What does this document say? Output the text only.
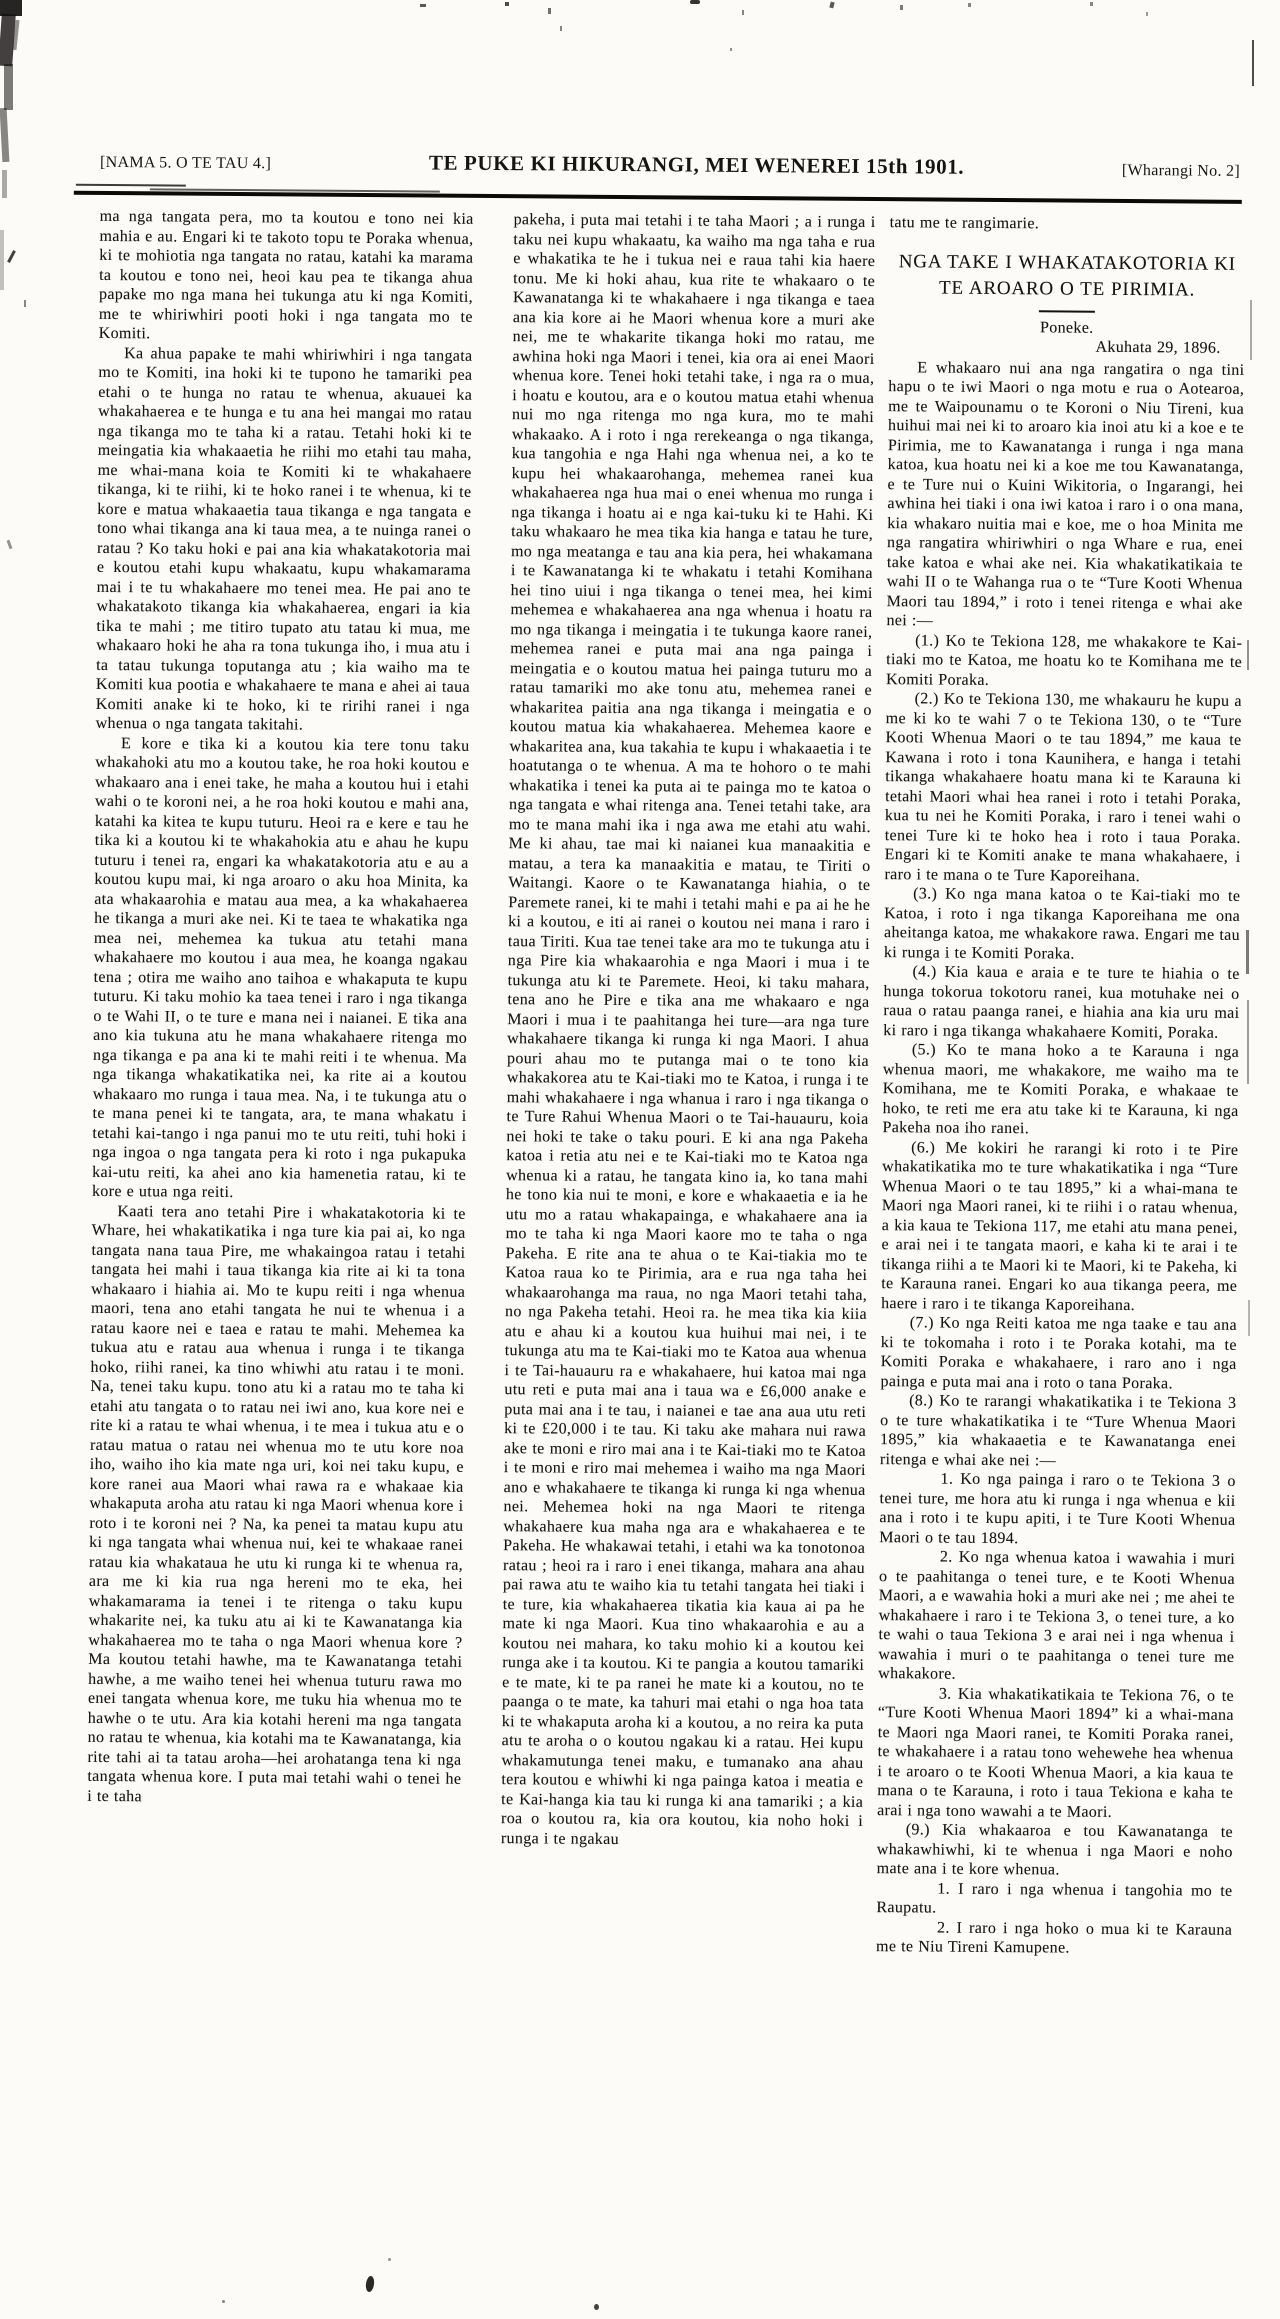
[NAMA 5. O TE TAU 4.]	TE PUKE KI HIKURANGI, MEI WENEREI 15th 1901.	[Wharangi No. 2]

ma nga tangata pera, mo ta koutou e tono nei kia mahia e au. Engari ki te takoto topu te Poraka whenua, ki te mohiotia nga tangata no ratau, katahi ka marama ta koutou e tono nei, heoi kau pea te tikanga ahua papake mo nga mana hei tukunga atu ki nga Komiti, me te whiriwhiri pooti hoki i nga tangata mo te Komiti.

Ka ahua papake te mahi whiriwhiri i nga tangata mo te Komiti, ina hoki ki te tupono he tamariki pea etahi o te hunga no ratau te whenua, akuauei ka whakahaerea e te hunga e tu ana hei mangai mo ratau nga tikanga mo te taha ki a ratau. Tetahi hoki ki te meingatia kia whakaaetia he riihi mo etahi tau maha, me whai-mana koia te Komiti ki te whakahaere tikanga, ki te riihi, ki te hoko ranei i te whenua, ki te kore e matua whakaaetia taua tikanga e nga tangata e tono whai tikanga ana ki taua mea, a te nuinga ranei o ratau ? Ko taku hoki e pai ana kia whakatakotoria mai e koutou etahi kupu whakaatu, kupu whakamarama mai i te tu whakahaere mo tenei mea. He pai ano te whakatakoto tikanga kia whakahaerea, engari ia kia tika te mahi ; me titiro tupato atu tatau ki mua, me whakaaro hoki he aha ra tona tukunga iho, i mua atu i ta tatau tukunga toputanga atu ; kia waiho ma te Komiti kua pootia e whakahaere te mana e ahei ai taua Komiti anake ki te hoko, ki te ririhi ranei i nga whenua o nga tangata takitahi.

E kore e tika ki a koutou kia tere tonu taku whakahoki atu mo a koutou take, he roa hoki koutou e whakaaro ana i enei take, he maha a koutou hui i etahi wahi o te koroni nei, a he roa hoki koutou e mahi ana, katahi ka kitea te kupu tuturu. Heoi ra e kere e tau he tika ki a koutou ki te whakahokia atu e ahau he kupu tuturu i tenei ra, engari ka whakatakotoria atu e au a koutou kupu mai, ki nga aroaro o aku hoa Minita, ka ata whakaarohia e matau aua mea, a ka whakahaerea he tikanga a muri ake nei. Ki te taea te whakatika nga mea nei, mehemea ka tukua atu tetahi mana whakahaere mo koutou i aua mea, he koanga ngakau tena ; otira me waiho ano taihoa e whakaputa te kupu tuturu. Ki taku mohio ka taea tenei i raro i nga tikanga o te Wahi II, o te ture e mana nei i naianei. E tika ana ano kia tukuna atu he mana whakahaere ritenga mo nga tikanga e pa ana ki te mahi reiti i te whenua. Ma nga tikanga whakatikatika nei, ka rite ai a koutou whakaaro mo runga i taua mea. Na, i te tukunga atu o te mana penei ki te tangata, ara, te mana whakatu i tetahi kai-tango i nga panui mo te utu reiti, tuhi hoki i nga ingoa o nga tangata pera ki roto i nga pukapuka kai-utu reiti, ka ahei ano kia hamenetia ratau, ki te kore e utua nga reiti.

Kaati tera ano tetahi Pire i whakatakotoria ki te Whare, hei whakatikatika i nga ture kia pai ai, ko nga tangata nana taua Pire, me whakaingoa ratau i tetahi tangata hei mahi i taua tikanga kia rite ai ki ta tona whakaaro i hiahia ai. Mo te kupu reiti i nga whenua maori, tena ano etahi tangata he nui te whenua i a ratau kaore nei e taea e ratau te mahi. Mehemea ka tukua atu e ratau aua whenua i runga i te tikanga hoko, riihi ranei, ka tino whiwhi atu ratau i te moni. Na, tenei taku kupu. tono atu ki a ratau mo te taha ki etahi atu tangata o to ratau nei iwi ano, kua kore nei e rite ki a ratau te whai whenua, i te mea i tukua atu e o ratau matua o ratau nei whenua mo te utu kore noa iho, waiho iho kia mate nga uri, koi nei taku kupu, e kore ranei aua Maori whai rawa ra e whakaae kia whakaputa aroha atu ratau ki nga Maori whenua kore i roto i te koroni nei ? Na, ka penei ta matau kupu atu ki nga tangata whai whenua nui, kei te whakaae ranei ratau kia whakataua he utu ki runga ki te whenua ra, ara me ki kia rua nga hereni mo te eka, hei whakamarama ia tenei i te ritenga o taku kupu whakarite nei, ka tuku atu ai ki te Kawanatanga kia whakahaerea mo te taha o nga Maori whenua kore ? Ma koutou tetahi hawhe, ma te Kawanatanga tetahi hawhe, a me waiho tenei hei whenua tuturu rawa mo enei tangata whenua kore, me tuku hia whenua mo te hawhe o te utu. Ara kia kotahi hereni ma nga tangata no ratau te whenua, kia kotahi ma te Kawanatanga, kia rite tahi ai ta tatau aroha—hei arohatanga tena ki nga tangata whenua kore. I puta mai tetahi wahi o tenei he i te taha

pakeha, i puta mai tetahi i te taha Maori ; a i runga i taku nei kupu whakaatu, ka waiho ma nga taha e rua e whakatika te he i tukua nei e raua tahi kia haere tonu. Me ki hoki ahau, kua rite te whakaaro o te Kawanatanga ki te whakahaere i nga tikanga e taea ana kia kore ai he Maori whenua kore a muri ake nei, me te whakarite tikanga hoki mo ratau, me awhina hoki nga Maori i tenei, kia ora ai enei Maori whenua kore. Tenei hoki tetahi take, i nga ra o mua, i hoatu e koutou, ara e o koutou matua etahi whenua nui mo nga ritenga mo nga kura, mo te mahi whakaako. A i roto i nga rerekeanga o nga tikanga, kua tangohia e nga Hahi nga whenua nei, a ko te kupu hei whakaarohanga, mehemea ranei kua whakahaerea nga hua mai o enei whenua mo runga i nga tikanga i hoatu ai e nga kai-tuku ki te Hahi. Ki taku whakaaro he mea tika kia hanga e tatau he ture, mo nga meatanga e tau ana kia pera, hei whakamana i te Kawanatanga ki te whakatu i tetahi Komihana hei tino uiui i nga tikanga o tenei mea, hei kimi mehemea e whakahaerea ana nga whenua i hoatu ra mo nga tikanga i meingatia i te tukunga kaore ranei, mehemea ranei e puta mai ana nga painga i meingatia e o koutou matua hei painga tuturu mo a ratau tamariki mo ake tonu atu, mehemea ranei e whakaritea paitia ana nga tikanga i meingatia e o koutou matua kia whakahaerea. Mehemea kaore e whakaritea ana, kua takahia te kupu i whakaaetia i te hoatutanga o te whenua. A ma te hohoro o te mahi whakatika i tenei ka puta ai te painga mo te katoa o nga tangata e whai ritenga ana. Tenei tetahi take, ara mo te mana mahi ika i nga awa me etahi atu wahi. Me ki ahau, tae mai ki naianei kua manaakitia e matau, a tera ka manaakitia e matau, te Tiriti o Waitangi. Kaore o te Kawanatanga hiahia, o te Paremete ranei, ki te mahi i tetahi mahi e pa ai he he ki a koutou, e iti ai ranei o koutou nei mana i raro i taua Tiriti. Kua tae tenei take ara mo te tukunga atu i nga Pire kia whakaarohia e nga Maori i mua i te tukunga atu ki te Paremete. Heoi, ki taku mahara, tena ano he Pire e tika ana me whakaaro e nga Maori i mua i te paahitanga hei ture—ara nga ture whakahaere tikanga ki runga ki nga Maori. I ahua pouri ahau mo te putanga mai o te tono kia whakakorea atu te Kai-tiaki mo te Katoa, i runga i te mahi whakahaere i nga whanua i raro i nga tikanga o te Ture Rahui Whenua Maori o te Tai-hauauru, koia nei hoki te take o taku pouri. E ki ana nga Pakeha katoa i retia atu nei e te Kai-tiaki mo te Katoa nga whenua ki a ratau, he tangata kino ia, ko tana mahi he tono kia nui te moni, e kore e whakaaetia e ia he utu mo a ratau whakapainga, e whakahaere ana ia mo te taha ki nga Maori kaore mo te taha o nga Pakeha. E rite ana te ahua o te Kai-tiakia mo te Katoa raua ko te Pirimia, ara e rua nga taha hei whakaarohanga ma raua, no nga Maori tetahi taha, no nga Pakeha tetahi. Heoi ra. he mea tika kia kiia atu e ahau ki a koutou kua huihui mai nei, i te tukunga atu ma te Kai-tiaki mo te Katoa aua whenua i te Tai-hauauru ra e whakahaere, hui katoa mai nga utu reti e puta mai ana i taua wa e £6,000 anake e puta mai ana i te tau, i naianei e tae ana aua utu reti ki te £20,000 i te tau. Ki taku ake mahara nui rawa ake te moni e riro mai ana i te Kai-tiaki mo te Katoa i te moni e riro mai mehemea i waiho ma nga Maori ano e whakahaere te tikanga ki runga ki nga whenua nei. Mehemea hoki na nga Maori te ritenga whakahaere kua maha nga ara e whakahaerea e te Pakeha. He whakawai tetahi, i etahi wa ka tonotonoa ratau ; heoi ra i raro i enei tikanga, mahara ana ahau pai rawa atu te waiho kia tu tetahi tangata hei tiaki i te ture, kia whakahaerea tikatia kia kaua ai pa he mate ki nga Maori. Kua tino whakaarohia e au a koutou nei mahara, ko taku mohio ki a koutou kei runga ake i ta koutou. Ki te pangia a koutou tamariki e te mate, ki te pa ranei he mate ki a koutou, no te paanga o te mate, ka tahuri mai etahi o nga hoa tata ki te whakaputa aroha ki a koutou, a no reira ka puta atu te aroha o o koutou ngakau ki a ratau. Hei kupu whakamutunga tenei maku, e tumanako ana ahau tera koutou e whiwhi ki nga painga katoa i meatia e te Kai-hanga kia tau ki runga ki ana tamariki ; a kia roa o koutou ra, kia ora koutou, kia noho hoki i runga i te ngakau

tatu me te rangimarie.

NGA TAKE I WHAKATAKOTORIA KI TE AROARO O TE PIRIMIA.

Poneke.

Akuhata 29, 1896.

E whakaaro nui ana nga rangatira o nga tini hapu o te iwi Maori o nga motu e rua o Aotearoa, me te Waipounamu o te Koroni o Niu Tireni, kua huihui mai nei ki to aroaro kia inoi atu ki a koe e te Pirimia, me to Kawanatanga i runga i nga mana katoa, kua hoatu nei ki a koe me tou Kawanatanga, e te Ture nui o Kuini Wikitoria, o Ingarangi, hei awhina hei tiaki i ona iwi katoa i raro i o ona mana, kia whakaro nuitia mai e koe, me o hoa Minita me nga rangatira whiriwhiri o nga Whare e rua, enei take katoa e whai ake nei. Kia whakatikatikaia te wahi II o te Wahanga rua o te “Ture Kooti Whenua Maori tau 1894,” i roto i tenei ritenga e whai ake nei :—

(1.) Ko te Tekiona 128, me whakakore te Kai-tiaki mo te Katoa, me hoatu ko te Komihana me te Komiti Poraka.

(2.) Ko te Tekiona 130, me whakauru he kupu a me ki ko te wahi 7 o te Tekiona 130, o te “Ture Kooti Whenua Maori o te tau 1894,” me kaua te Kawana i roto i tona Kaunihera, e hanga i tetahi tikanga whakahaere hoatu mana ki te Karauna ki tetahi Maori whai hea ranei i roto i tetahi Poraka, kua tu nei he Komiti Poraka, i raro i tenei wahi o tenei Ture ki te hoko hea i roto i taua Poraka. Engari ki te Komiti anake te mana whakahaere, i raro i te mana o te Ture Kaporeihana.

(3.) Ko nga mana katoa o te Kai-tiaki mo te Katoa, i roto i nga tikanga Kaporeihana me ona aheitanga katoa, me whakakore rawa. Engari me tau ki runga i te Komiti Poraka.

(4.) Kia kaua e araia e te ture te hiahia o te hunga tokorua tokotoru ranei, kua motuhake nei o raua o ratau paanga ranei, e hiahia ana kia uru mai ki raro i nga tikanga whakahaere Komiti, Poraka.

(5.) Ko te mana hoko a te Karauna i nga whenua maori, me whakakore, me waiho ma te Komihana, me te Komiti Poraka, e whakaae te hoko, te reti me era atu take ki te Karauna, ki nga Pakeha noa iho ranei.

(6.) Me kokiri he rarangi ki roto i te Pire whakatikatika mo te ture whakatikatika i nga “Ture Whenua Maori o te tau 1895,” ki a whai-mana te Maori nga Maori ranei, ki te riihi i o ratau whenua, a kia kaua te Tekiona 117, me etahi atu mana penei, e arai nei i te tangata maori, e kaha ki te arai i te tikanga riihi a te Maori ki te Maori, ki te Pakeha, ki te Karauna ranei. Engari ko aua tikanga peera, me haere i raro i te tikanga Kaporeihana.

(7.) Ko nga Reiti katoa me nga taake e tau ana ki te tokomaha i roto i te Poraka kotahi, ma te Komiti Poraka e whakahaere, i raro ano i nga painga e puta mai ana i roto o tana Poraka.

(8.) Ko te rarangi whakatikatika i te Tekiona 3 o te ture whakatikatika i te “Ture Whenua Maori 1895,” kia whakaaetia e te Kawanatanga enei ritenga e whai ake nei :—

1. Ko nga painga i raro o te Tekiona 3 o tenei ture, me hora atu ki runga i nga whenua e kii ana i roto i te kupu apiti, i te Ture Kooti Whenua Maori o te tau 1894.

2. Ko nga whenua katoa i wawahia i muri o te paahitanga o tenei ture, e te Kooti Whenua Maori, a e wawahia hoki a muri ake nei ; me ahei te whakahaere i raro i te Tekiona 3, o tenei ture, a ko te wahi o taua Tekiona 3 e arai nei i nga whenua i wawahia i muri o te paahitanga o tenei ture me whakakore.

3. Kia whakatikatikaia te Tekiona 76, o te “Ture Kooti Whenua Maori 1894” ki a whai-mana te Maori nga Maori ranei, te Komiti Poraka ranei, te whakahaere i a ratau tono wehewehe hea whenua i te aroaro o te Kooti Whenua Maori, a kia kaua te mana o te Karauna, i roto i taua Tekiona e kaha te arai i nga tono wawahi a te Maori.

(9.) Kia whakaaroa e tou Kawanatanga te whakawhiwhi, ki te whenua i nga Maori e noho mate ana i te kore whenua.

1. I raro i nga whenua i tangohia mo te Raupatu.

2. I raro i nga hoko o mua ki te Karauna me te Niu Tireni Kamupene.
